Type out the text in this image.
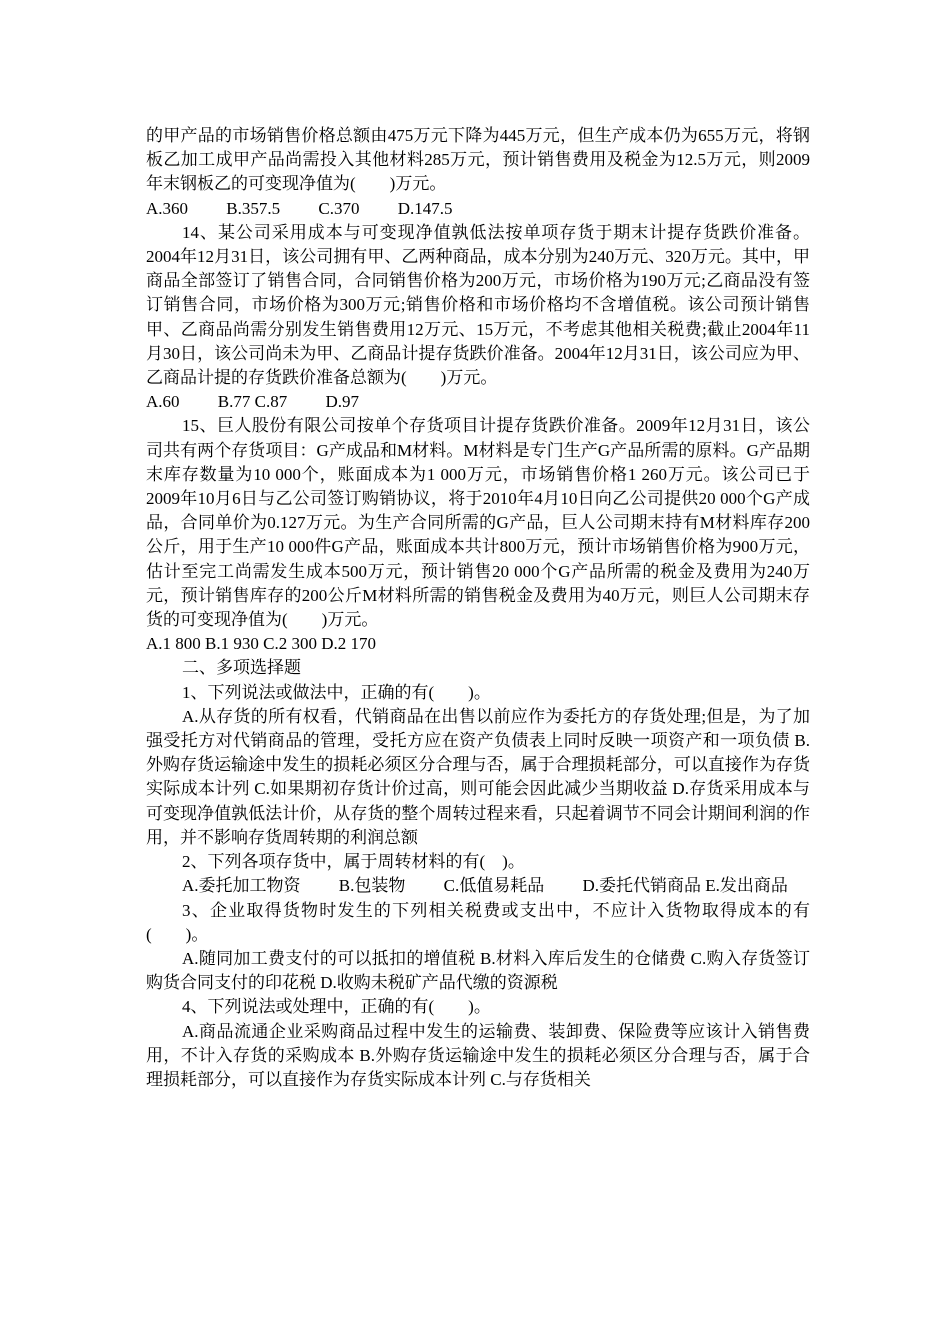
的甲产品的市场销售价格总额由475万元下降为445万元，但生产成本仍为655万元，将钢板乙加工成甲产品尚需投入其他材料285万元，预计销售费用及税金为12.5万元，则2009年末钢板乙的可变现净值为(　　)万元。

A.360　　 B.357.5　　 C.370　　 D.147.5

14、某公司采用成本与可变现净值孰低法按单项存货于期末计提存货跌价准备。2004年12月31日，该公司拥有甲、乙两种商品，成本分别为240万元、320万元。其中，甲商品全部签订了销售合同，合同销售价格为200万元，市场价格为190万元;乙商品没有签订销售合同，市场价格为300万元;销售价格和市场价格均不含增值税。该公司预计销售甲、乙商品尚需分别发生销售费用12万元、15万元，不考虑其他相关税费;截止2004年11月30日，该公司尚未为甲、乙商品计提存货跌价准备。2004年12月31日，该公司应为甲、乙商品计提的存货跌价准备总额为(　　)万元。

A.60　　 B.77 C.87　　 D.97

15、巨人股份有限公司按单个存货项目计提存货跌价准备。2009年12月31日，该公司共有两个存货项目：G产成品和M材料。M材料是专门生产G产品所需的原料。G产品期末库存数量为10 000个，账面成本为1 000万元，市场销售价格1 260万元。该公司已于2009年10月6日与乙公司签订购销协议，将于2010年4月10日向乙公司提供20 000个G产成品，合同单价为0.127万元。为生产合同所需的G产品，巨人公司期末持有M材料库存200公斤，用于生产10 000件G产品，账面成本共计800万元，预计市场销售价格为900万元，估计至完工尚需发生成本500万元，预计销售20 000个G产品所需的税金及费用为240万元，预计销售库存的200公斤M材料所需的销售税金及费用为40万元，则巨人公司期末存货的可变现净值为(　　)万元。

A.1 800 B.1 930 C.2 300 D.2 170

二、多项选择题

1、下列说法或做法中，正确的有(　　)。

A.从存货的所有权看，代销商品在出售以前应作为委托方的存货处理;但是，为了加强受托方对代销商品的管理，受托方应在资产负债表上同时反映一项资产和一项负债 B.外购存货运输途中发生的损耗必须区分合理与否，属于合理损耗部分，可以直接作为存货实际成本计列 C.如果期初存货计价过高，则可能会因此减少当期收益 D.存货采用成本与可变现净值孰低法计价，从存货的整个周转过程来看，只起着调节不同会计期间利润的作用，并不影响存货周转期的利润总额

2、下列各项存货中，属于周转材料的有(　)。

A.委托加工物资　　 B.包装物　　 C.低值易耗品　　 D.委托代销商品 E.发出商品

3、企业取得货物时发生的下列相关税费或支出中，不应计入货物取得成本的有(　　)。

A.随同加工费支付的可以抵扣的增值税 B.材料入库后发生的仓储费 C.购入存货签订购货合同支付的印花税 D.收购未税矿产品代缴的资源税

4、下列说法或处理中，正确的有(　　)。

A.商品流通企业采购商品过程中发生的运输费、装卸费、保险费等应该计入销售费用，不计入存货的采购成本 B.外购存货运输途中发生的损耗必须区分合理与否，属于合理损耗部分，可以直接作为存货实际成本计列 C.与存货相关
